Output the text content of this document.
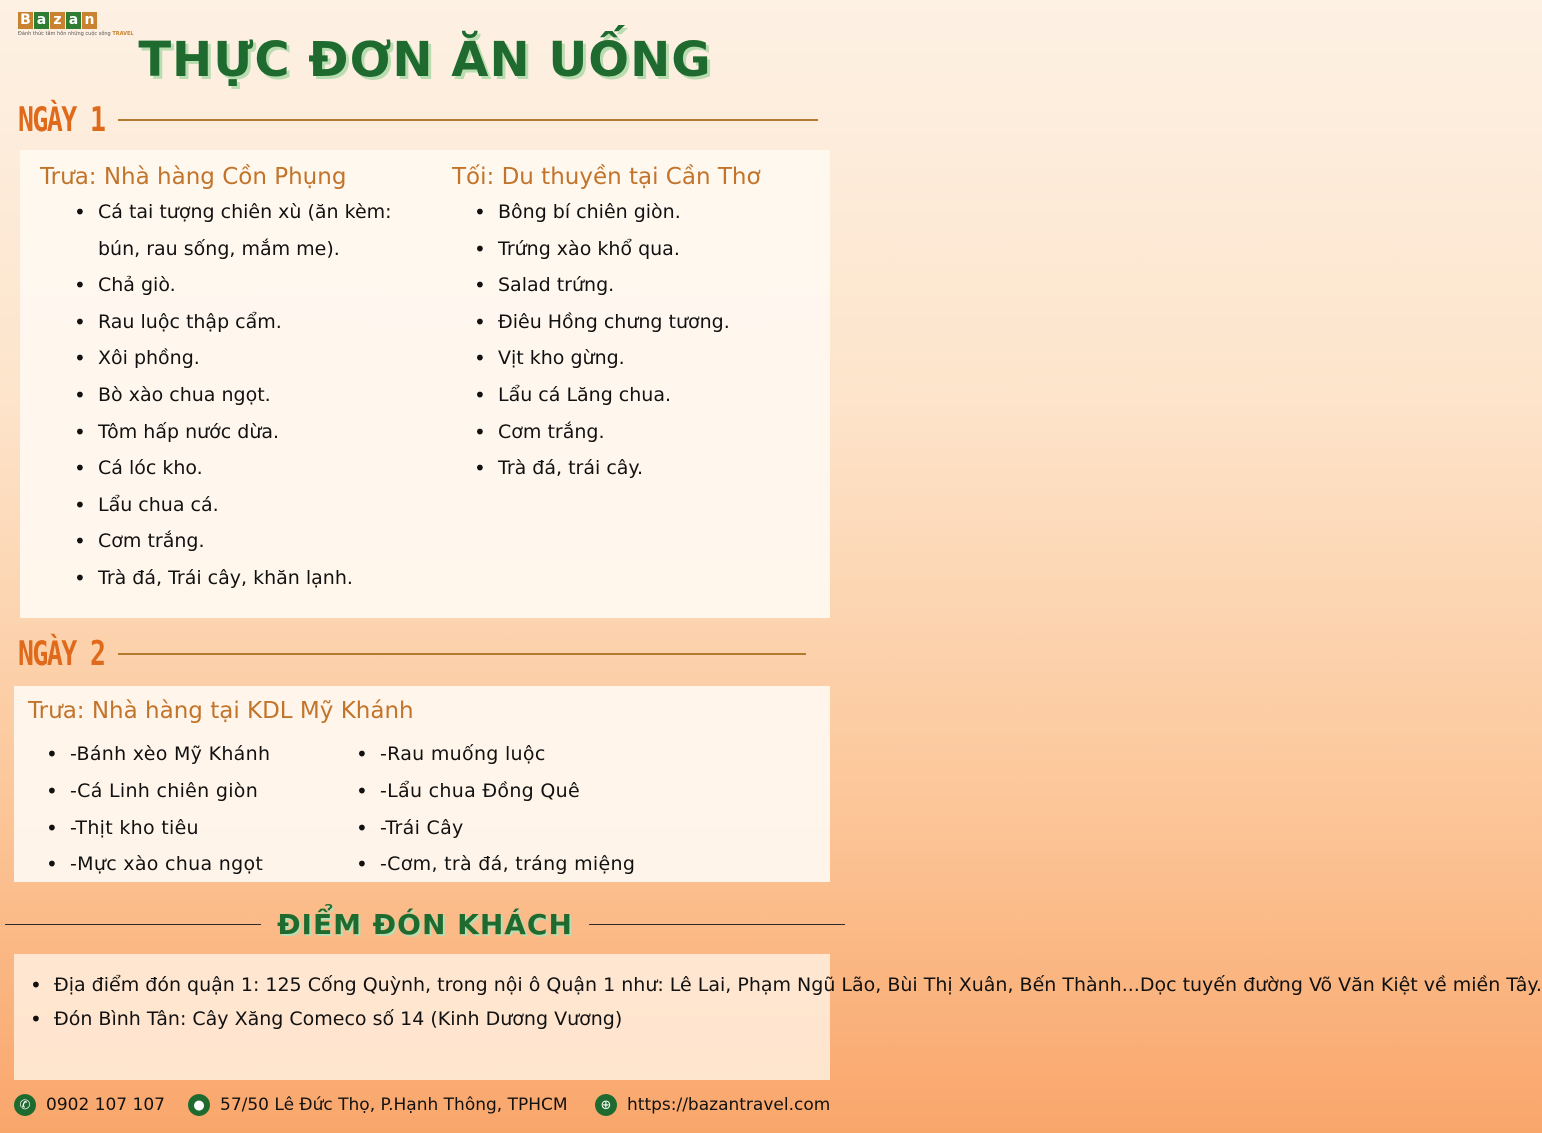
B a z a n
Đánh thức tâm hồn những cuộc sống TRAVEL THỰC ĐƠN ĂN UỐNG
NGÀY 1
Trưa: Nhà hàng Cồn Phụng
• Cá tai tượng chiên xù (ăn kèm:
bún, rau sống, mắm me).
• Chả giò.
• Rau luộc thập cẩm.
• Xôi phồng.
• Bò xào chua ngọt.
• Tôm hấp nước dừa.
• Cá lóc kho.
• Lẩu chua cá.
• Cơm trắng.
• Trà đá, Trái cây, khăn lạnh.
Tối: Du thuyền tại Cần Thơ
• Bông bí chiên giòn.
• Trứng xào khổ qua.
• Salad trứng.
• Điêu Hồng chưng tương.
• Vịt kho gừng.
• Lẩu cá Lăng chua.
• Cơm trắng.
• Trà đá, trái cây.
NGÀY 2
Trưa: Nhà hàng tại KDL Mỹ Khánh
• -Bánh xèo Mỹ Khánh
• -Cá Linh chiên giòn
• -Thịt kho tiêu
• -Mực xào chua ngọt
• -Rau muống luộc
• -Lẩu chua Đồng Quê
• -Trái Cây
• -Cơm, trà đá, tráng miệng
ĐIỂM ĐÓN KHÁCH
• Địa điểm đón quận 1: 125 Cống Quỳnh, trong nội ô Quận 1 như: Lê Lai, Phạm Ngũ Lão, Bùi Thị Xuân, Bến Thành...Dọc tuyến đường Võ Văn Kiệt về miền Tây.
• Đón Bình Tân: Cây Xăng Comeco số 14 (Kinh Dương Vương)
✆ 0902 107 107	● 57/50 Lê Đức Thọ, P.Hạnh Thông, TPHCM	⊕ https://bazantravel.com
